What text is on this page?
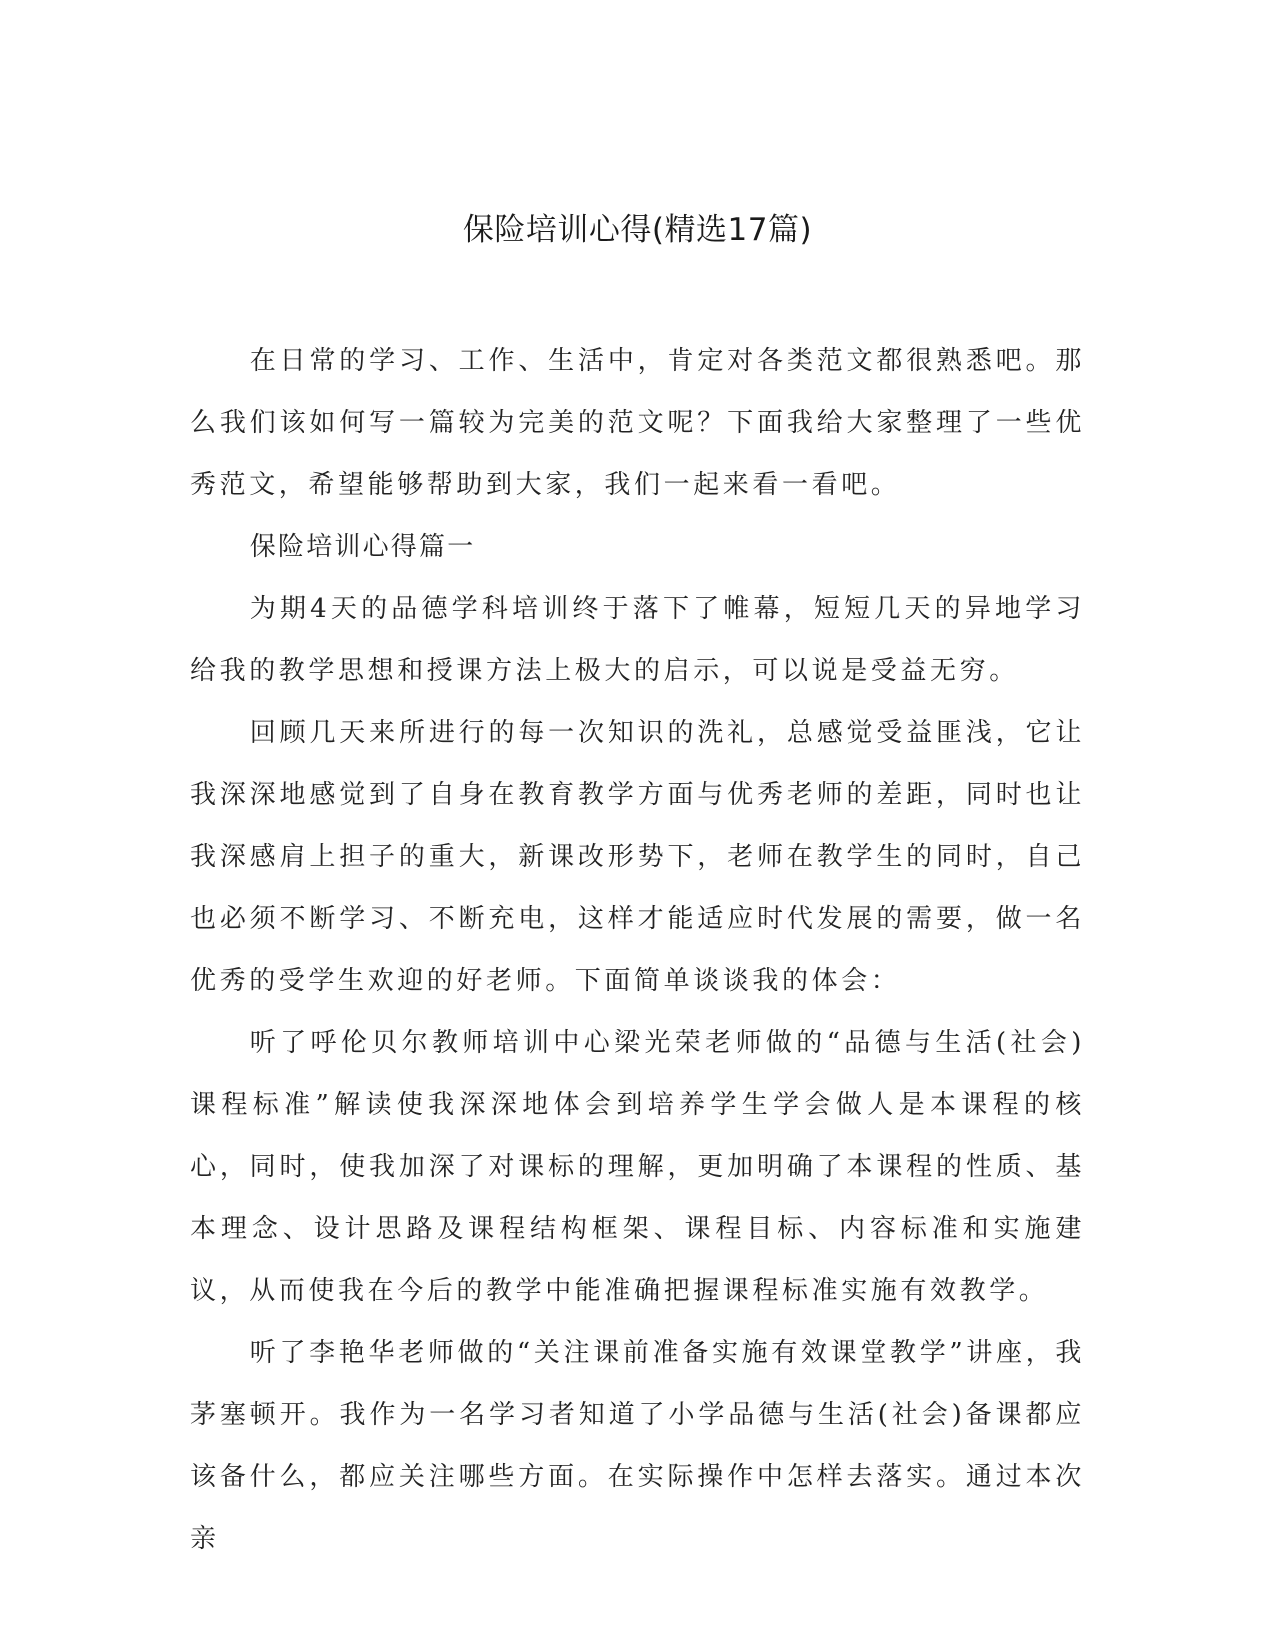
保险培训心得(精选17篇)

在日常的学习、工作、生活中，肯定对各类范文都很熟悉吧。那么我们该如何写一篇较为完美的范文呢？下面我给大家整理了一些优秀范文，希望能够帮助到大家，我们一起来看一看吧。

保险培训心得篇一

为期4天的品德学科培训终于落下了帷幕，短短几天的异地学习给我的教学思想和授课方法上极大的启示，可以说是受益无穷。

回顾几天来所进行的每一次知识的洗礼，总感觉受益匪浅，它让我深深地感觉到了自身在教育教学方面与优秀老师的差距，同时也让我深感肩上担子的重大，新课改形势下，老师在教学生的同时，自己也必须不断学习、不断充电，这样才能适应时代发展的需要，做一名优秀的受学生欢迎的好老师。下面简单谈谈我的体会：

听了呼伦贝尔教师培训中心梁光荣老师做的“品德与生活(社会)课程标准”解读使我深深地体会到培养学生学会做人是本课程的核心，同时，使我加深了对课标的理解，更加明确了本课程的性质、基本理念、设计思路及课程结构框架、课程目标、内容标准和实施建议，从而使我在今后的教学中能准确把握课程标准实施有效教学。

听了李艳华老师做的“关注课前准备实施有效课堂教学”讲座，我茅塞顿开。我作为一名学习者知道了小学品德与生活(社会)备课都应该备什么，都应关注哪些方面。在实际操作中怎样去落实。通过本次亲
